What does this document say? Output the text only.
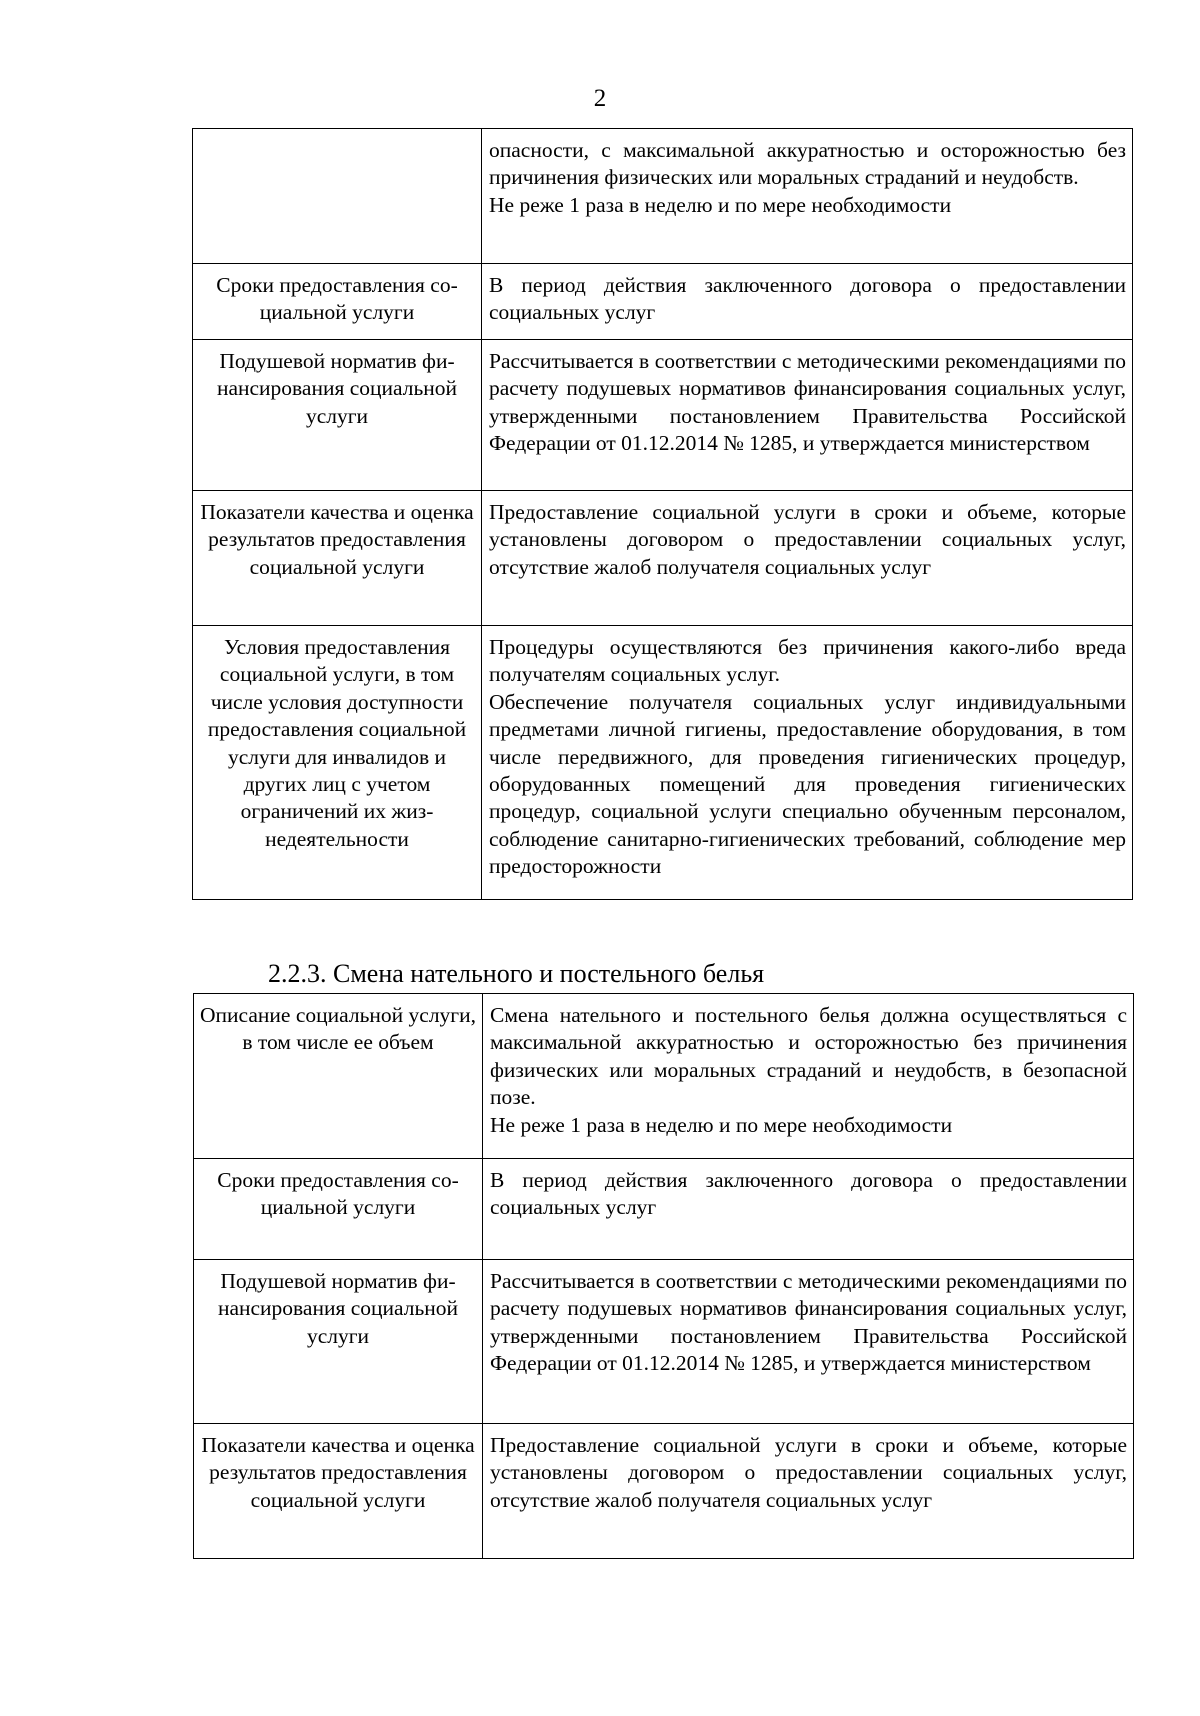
2

	опасности, с максимальной аккуратностью и осторожностью без причинения физических или моральных страданий и неудобств.
Не реже 1 раза в неделю и по мере необходимости

Сроки предоставления социальной услуги	В период действия заключенного договора о предоставлении социальных услуг

Подушевой норматив финансирования социальной услуги	Рассчитывается в соответствии с методическими рекомендациями по расчету подушевых нормативов финансирования социальных услуг, утвержденными постановлением Правительства Российской Федерации от 01.12.2014 № 1285, и утверждается министерством

Показатели качества и оценка результатов предоставления социальной услуги	Предоставление социальной услуги в сроки и объеме, которые установлены договором о предоставлении социальных услуг, отсутствие жалоб получателя социальных услуг

Условия предоставления социальной услуги, в том числе условия доступности предоставления социальной услуги для инвалидов и других лиц с учетом ограничений их жизнедеятельности	Процедуры осуществляются без причинения какого-либо вреда получателям социальных услуг.
Обеспечение получателя социальных услуг индивидуальными предметами личной гигиены, предоставление оборудования, в том числе передвижного, для проведения гигиенических процедур, оборудованных помещений для проведения гигиенических процедур, социальной услуги специально обученным персоналом, соблюдение санитарно-гигиенических требований, соблюдение мер предосторожности
2.2.3. Смена нательного и постельного белья
Описание социальной услуги, в том числе ее объем	Смена нательного и постельного белья должна осуществляться с максимальной аккуратностью и осторожностью без причинения физических или моральных страданий и неудобств, в безопасной позе.
Не реже 1 раза в неделю и по мере необходимости

Сроки предоставления социальной услуги	В период действия заключенного договора о предоставлении социальных услуг

Подушевой норматив финансирования социальной услуги	Рассчитывается в соответствии с методическими рекомендациями по расчету подушевых нормативов финансирования социальных услуг, утвержденными постановлением Правительства Российской Федерации от 01.12.2014 № 1285, и утверждается министерством

Показатели качества и оценка результатов предоставления социальной услуги	Предоставление социальной услуги в сроки и объеме, которые установлены договором о предоставлении социальных услуг, отсутствие жалоб получателя социальных услуг
